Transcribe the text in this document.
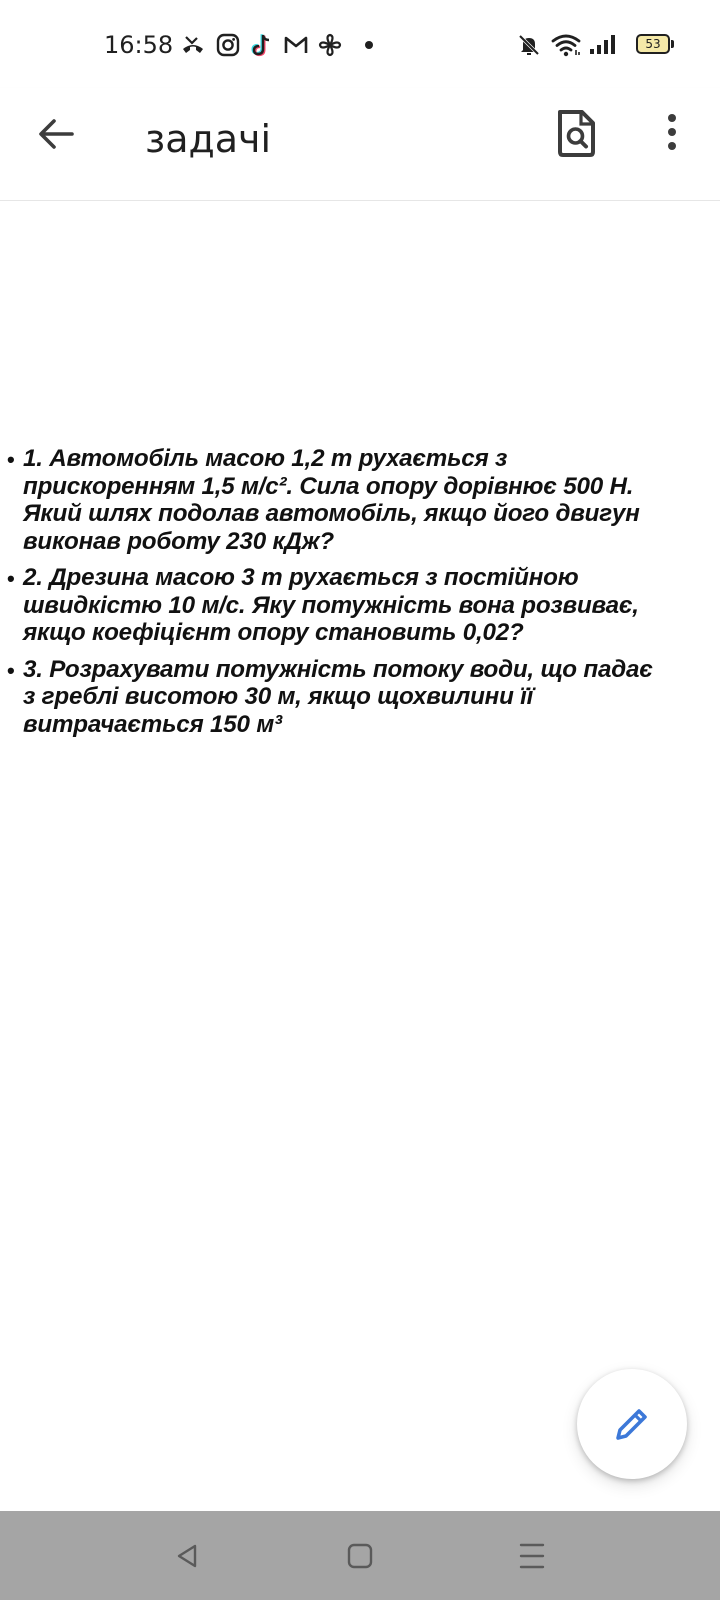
16:58	53
задачі
• 1. Автомобіль масою 1,2 т рухається з
прискоренням 1,5 м/с². Сила опору дорівнює 500 Н.
Який шлях подолав автомобіль, якщо його двигун
виконав роботу 230 кДж?
• 2. Дрезина масою 3 т рухається з постійною
швидкістю 10 м/с. Яку потужність вона розвиває,
якщо коефіцієнт опору становить 0,02?
• 3. Розрахувати потужність потоку води, що падає
з греблі висотою 30 м, якщо щохвилини її
витрачається 150 м³
